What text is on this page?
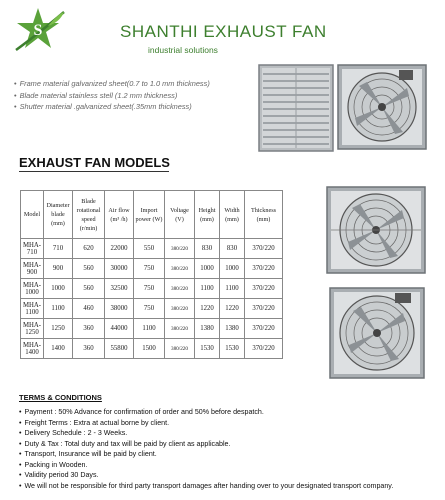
S	SHANTHI EXHAUST FAN
industrial solutions
• Frame material galvanized sheet(0.7 to 1.0 mm thickness)
• Blade material stainless stell (1.2 mm thickness)
• Shutter material .galvanized sheet(.35mm thickness)
EXHAUST FAN MODELS
Model	Diameter blade (mm)	Blade rotational speed (r/min)	Air flow (m³ /h)	Import power (W)	Voltage (V)	Height (mm)	Width (mm)	Thickness (mm)
MHA-710	710	620	22000	550	380/220	830	830	370/220
MHA-900	900	560	30000	750	380/220	1000	1000	370/220
MHA-1000	1000	560	32500	750	380/220	1100	1100	370/220
MHA-1100	1100	460	38000	750	380/220	1220	1220	370/220
MHA-1250	1250	360	44000	1100	380/220	1380	1380	370/220
MHA-1400	1400	360	55800	1500	380/220	1530	1530	370/220
TERMS & CONDITIONS
• Payment : 50% Advance for confirmation of order and 50% before despatch.
• Freight Terms : Extra at actual borne by client.
• Delivery Schedule : 2 - 3 Weeks.
• Duty & Tax : Total duty and tax will be paid by client as applicable.
• Transport, Insurance will be paid by client.
• Packing in Wooden.
• Validity period 30 Days.
• We will not be responsible for third party transport damages after handing over to your designated transport company.
